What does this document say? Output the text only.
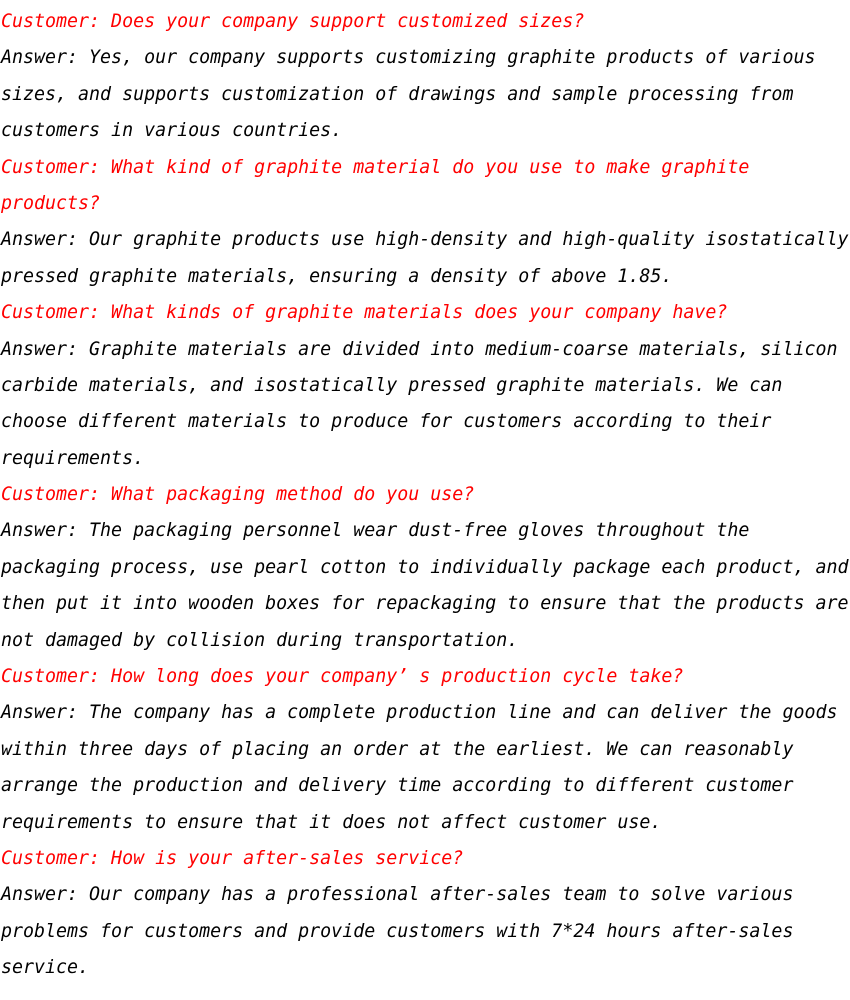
Customer: Does your company support customized sizes?

Answer: Yes, our company supports customizing graphite products of various

sizes, and supports customization of drawings and sample processing from

customers in various countries.

Customer: What kind of graphite material do you use to make graphite

products?

Answer: Our graphite products use high-density and high-quality isostatically

pressed graphite materials, ensuring a density of above 1.85.

Customer: What kinds of graphite materials does your company have?

Answer: Graphite materials are divided into medium-coarse materials, silicon

carbide materials, and isostatically pressed graphite materials. We can

choose different materials to produce for customers according to their

requirements.

Customer: What packaging method do you use?

Answer: The packaging personnel wear dust-free gloves throughout the

packaging process, use pearl cotton to individually package each product, and

then put it into wooden boxes for repackaging to ensure that the products are

not damaged by collision during transportation.

Customer: How long does your company’ s production cycle take?

Answer: The company has a complete production line and can deliver the goods

within three days of placing an order at the earliest. We can reasonably

arrange the production and delivery time according to different customer

requirements to ensure that it does not affect customer use.

Customer: How is your after-sales service?

Answer: Our company has a professional after-sales team to solve various

problems for customers and provide customers with 7*24 hours after-sales

service.
